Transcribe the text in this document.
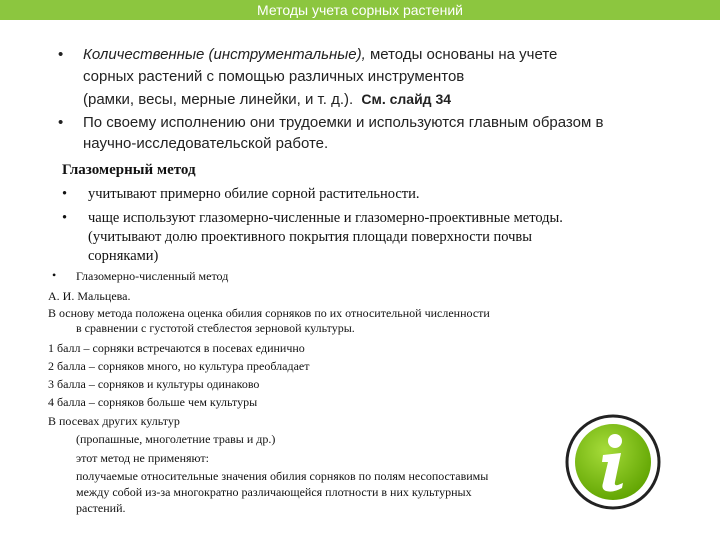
Методы учета сорных растений
• Количественные (инструментальные), методы основаны на учете
сорных растений с помощью различных инструментов
(рамки, весы, мерные линейки, и т. д.). См. слайд 34
• По своему исполнению они трудоемки и используются главным образом в
научно-исследовательской работе.
Глазомерный метод
• учитывают примерно обилие сорной растительности.
• чаще используют глазомерно-численные и глазомерно-проективные методы.
(учитывают долю проективного покрытия площади поверхности почвы
сорняками)
• Глазомерно-численный метод
А. И. Мальцева.
В основу метода положена оценка обилия сорняков по их относительной численности
в сравнении с густотой стеблестоя зерновой культуры.
1 балл – сорняки встречаются в посевах единично
2 балла – сорняков много, но культура преобладает
3 балла – сорняков и культуры одинаково
4 балла – сорняков больше чем культуры
В посевах других культур
(пропашные, многолетние травы и др.)
этот метод не применяют:
получаемые относительные значения обилия сорняков по полям несопоставимы
между собой из-за многократно различающейся плотности в них культурных
растений.
